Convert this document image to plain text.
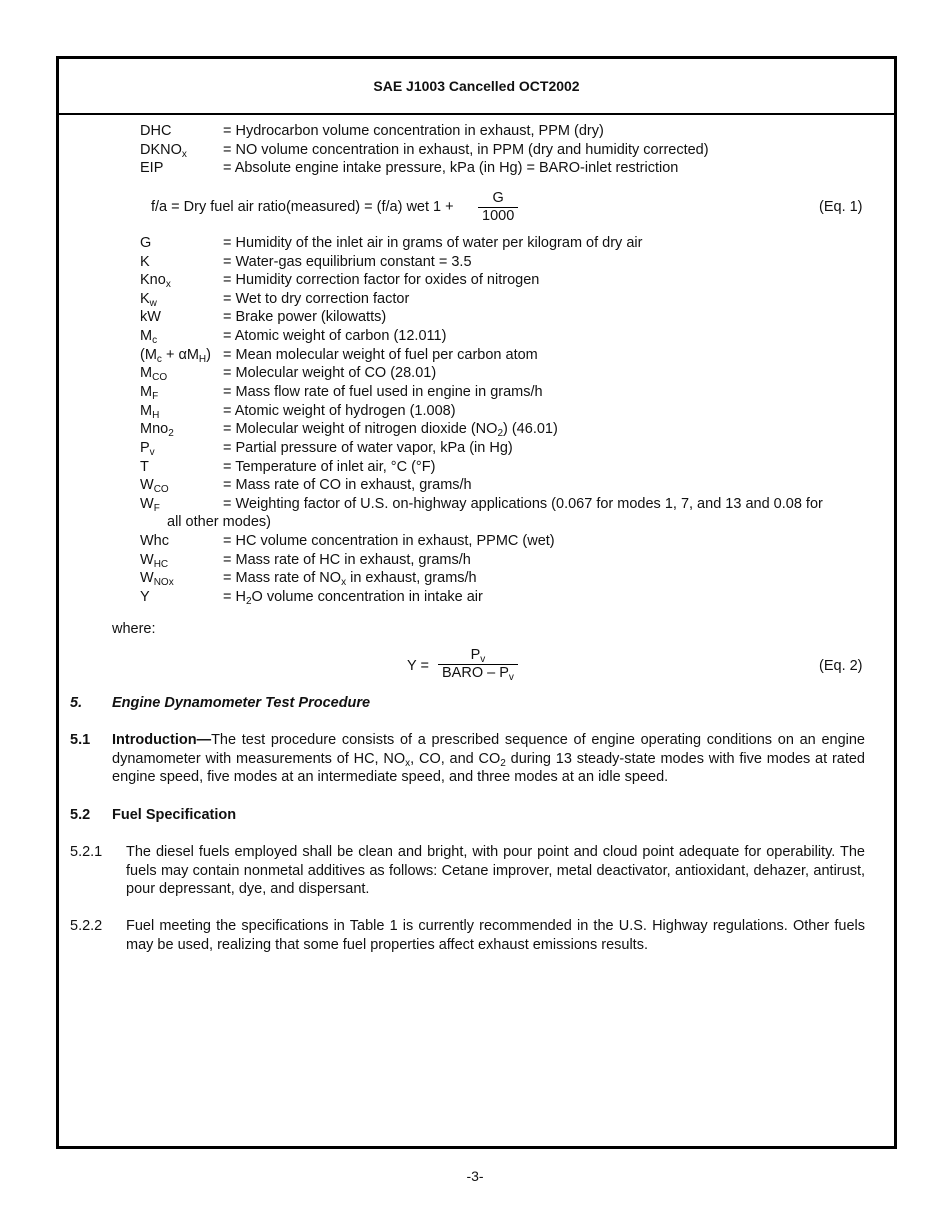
SAE J1003 Cancelled OCT2002
DHC	= Hydrocarbon volume concentration in exhaust, PPM (dry)
$DKNO_x$ = NO volume concentration in exhaust, in PPM (dry and humidity corrected)
EIP	= Absolute engine intake pressure, kPa (in Hg) = BARO-inlet restriction
f/a = Dry fuel air ratio(measured) = (f/a) wet $1 + \frac{G}{1000}$	(Eq. 1)
G	= Humidity of the inlet air in grams of water per kilogram of dry air
K	= Water-gas equilibrium constant = 3.5
Kno$_x$	= Humidity correction factor for oxides of nitrogen
$K_w$	= Wet to dry correction factor
kW	= Brake power (kilowatts)
$M_c$	= Atomic weight of carbon (12.011)
$(M_c + \alpha M_H)$ = Mean molecular weight of fuel per carbon atom
$M_{CO}$	= Molecular weight of CO (28.01)
$M_F$	= Mass flow rate of fuel used in engine in grams/h
$M_H$	= Atomic weight of hydrogen (1.008)
Mno$_2$	= Molecular weight of nitrogen dioxide $(NO_2)$ (46.01)
$P_v$	= Partial pressure of water vapor, kPa (in Hg)
T	= Temperature of inlet air, °C (°F)
$W_{CO}$	= Mass rate of CO in exhaust, grams/h
$W_F$	= Weighting factor of U.S. on-highway applications (0.067 for modes 1, 7, and 13 and 0.08 for
all other modes)
Whc	= HC volume concentration in exhaust, PPMC (wet)
$W_{HC}$	= Mass rate of HC in exhaust, grams/h
$W_{NOx}$	= Mass rate of $NO_x$ in exhaust, grams/h
Y	= $H_2O$ volume concentration in intake air
where:
Y =
$P_v$
BARO – $P_v$
(Eq. 2)
5. Engine Dynamometer Test Procedure
5.1 Introduction—The test procedure consists of a prescribed sequence of engine operating conditions on an engine dynamometer with measurements of HC, $NO_x$, CO, and $CO_2$ during 13 steady-state modes with five modes at rated engine speed, five modes at an intermediate speed, and three modes at an idle speed.
5.2 Fuel Specification
5.2.1 The diesel fuels employed shall be clean and bright, with pour point and cloud point adequate for operability. The fuels may contain nonmetal additives as follows: Cetane improver, metal deactivator, antioxidant, dehazer, antirust, pour depressant, dye, and dispersant.
5.2.2 Fuel meeting the specifications in Table 1 is currently recommended in the U.S. Highway regulations. Other fuels may be used, realizing that some fuel properties affect exhaust emissions results.
-3-
